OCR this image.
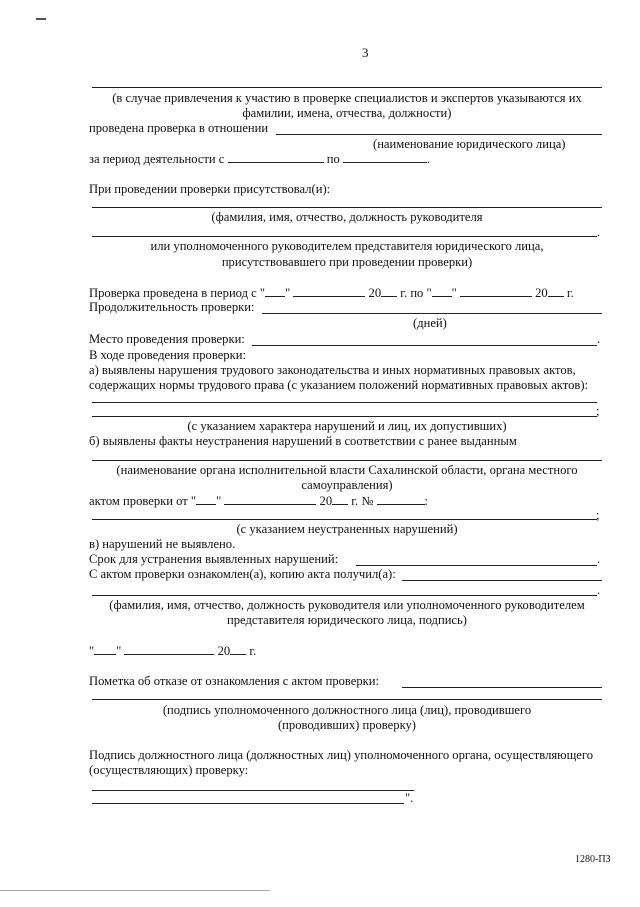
3
(в случае привлечения к участию в проверке специалистов и экспертов указываются их
фамилии, имена, отчества, должности)
проведена проверка в отношении
(наименование юридического лица)
за период деятельности с	по	.
При проведении проверки присутствовал(и):
(фамилия, имя, отчество, должность руководителя
.
или уполномоченного руководителем представителя юридического лица,
присутствовавшего при проведении проверки)
Проверка проведена в период с " "	20 г. по " "	20 г.
Продолжительность проверки:
(дней)
Место проведения проверки:	.
В ходе проведения проверки:
а) выявлены нарушения трудового законодательства и иных нормативных правовых актов,
содержащих нормы трудового права (с указанием положений нормативных правовых актов):
;
(с указанием характера нарушений и лиц, их допустивших)
б) выявлены факты неустранения нарушений в соответствии с ранее выданным
(наименование органа исполнительной власти Сахалинской области, органа местного
самоуправления)
актом проверки от " "	20 г. №	:
;
(с указанием неустраненных нарушений)
в) нарушений не выявлено.
Срок для устранения выявленных нарушений:	.
С актом проверки ознакомлен(а), копию акта получил(а):
.
(фамилия, имя, отчество, должность руководителя или уполномоченного руководителем
представителя юридического лица, подпись)
" "	20 г.
Пометка об отказе от ознакомления с актом проверки:
(подпись уполномоченного должностного лица (лиц), проводившего
(проводивших) проверку)
Подпись должностного лица (должностных лиц) уполномоченного органа, осуществляющего
(осуществляющих) проверку:
".
1280-ПЗ
